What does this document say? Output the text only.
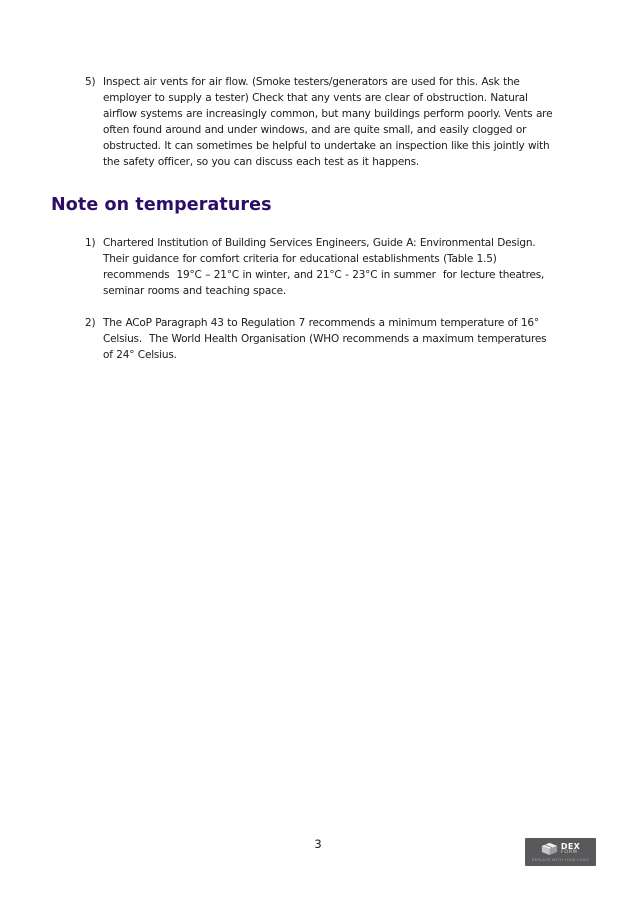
5) Inspect air vents for air flow. (Smoke testers/generators are used for this. Ask the
employer to supply a tester) Check that any vents are clear of obstruction. Natural
airflow systems are increasingly common, but many buildings perform poorly. Vents are
often found around and under windows, and are quite small, and easily clogged or
obstructed. It can sometimes be helpful to undertake an inspection like this jointly with
the safety officer, so you can discuss each test as it happens.
Note on temperatures
1) Chartered Institution of Building Services Engineers, Guide A: Environmental Design.
Their guidance for comfort criteria for educational establishments (Table 1.5)
recommends  19°C – 21°C in winter, and 21°C - 23°C in summer  for lecture theatres,
seminar rooms and teaching space.
2) The ACoP Paragraph 43 to Regulation 7 recommends a minimum temperature of 16°
Celsius.  The World Health Organisation (WHO recommends a maximum temperatures
of 24° Celsius.
3	DEX
FORM
REPLACE WITH YOUR LOGO
